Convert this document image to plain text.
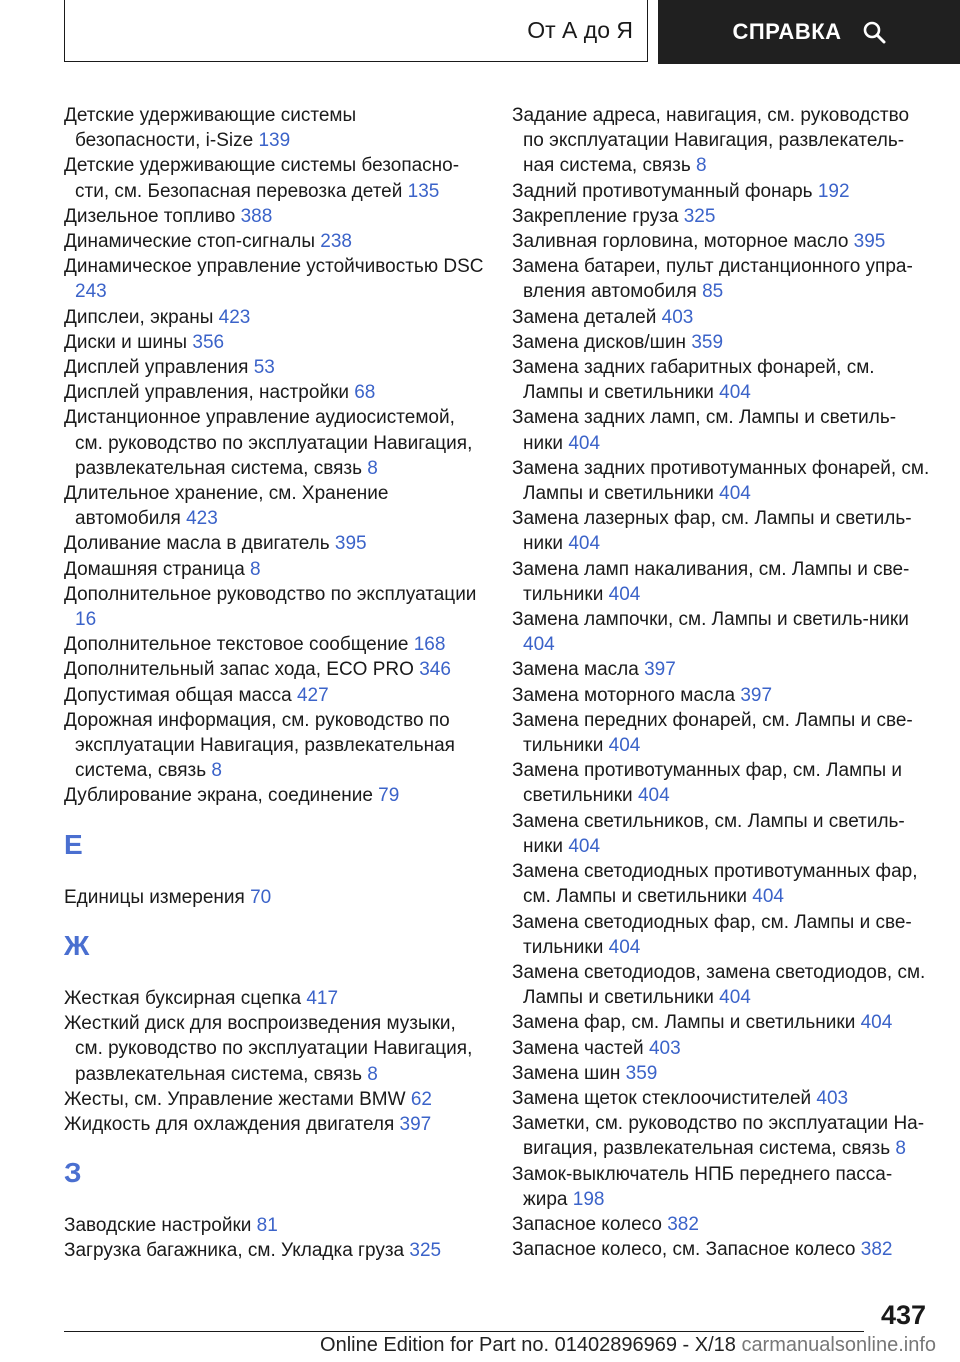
От А до Я	СПРАВКА

Детские удерживающие системы безопасности, i-Size 139

Детские удерживающие системы безопасно-сти, см. Безопасная перевозка детей 135

Дизельное топливо 388

Динамические стоп-сигналы 238

Динамическое управление устойчивостью DSC 243

Дипслеи, экраны 423

Диски и шины 356

Дисплей управления 53

Дисплей управления, настройки 68

Дистанционное управление аудиосистемой, см. руководство по эксплуатации Навигация, развлекательная система, связь 8

Длительное хранение, см. Хранение автомобиля 423

Доливание масла в двигатель 395

Домашняя страница 8

Дополнительное руководство по эксплуатации 16

Дополнительное текстовое сообщение 168

Дополнительный запас хода, ECO PRO 346

Допустимая общая масса 427

Дорожная информация, см. руководство по эксплуатации Навигация, развлекательная система, связь 8

Дублирование экрана, соединение 79

Е

Единицы измерения 70

Ж

Жесткая буксирная сцепка 417

Жесткий диск для воспроизведения музыки, см. руководство по эксплуатации Навигация, развлекательная система, связь 8

Жесты, см. Управление жестами BMW 62

Жидкость для охлаждения двигателя 397

З

Заводские настройки 81

Загрузка багажника, см. Укладка груза 325

Задание адреса, навигация, см. руководство по эксплуатации Навигация, развлекатель-ная система, связь 8

Задний противотуманный фонарь 192

Закрепление груза 325

Заливная горловина, моторное масло 395

Замена батареи, пульт дистанционного упра-вления автомобиля 85

Замена деталей 403

Замена дисков/шин 359

Замена задних габаритных фонарей, см. Лампы и светильники 404

Замена задних ламп, см. Лампы и светиль-ники 404

Замена задних противотуманных фонарей, см. Лампы и светильники 404

Замена лазерных фар, см. Лампы и светиль-ники 404

Замена ламп накаливания, см. Лампы и све-тильники 404

Замена лампочки, см. Лампы и светиль-ники 404

Замена масла 397

Замена моторного масла 397

Замена передних фонарей, см. Лампы и све-тильники 404

Замена противотуманных фар, см. Лампы и светильники 404

Замена светильников, см. Лампы и светиль-ники 404

Замена светодиодных противотуманных фар, см. Лампы и светильники 404

Замена светодиодных фар, см. Лампы и све-тильники 404

Замена светодиодов, замена светодиодов, см. Лампы и светильники 404

Замена фар, см. Лампы и светильники 404

Замена частей 403

Замена шин 359

Замена щеток стеклоочистителей 403

Заметки, см. руководство по эксплуатации На-вигация, развлекательная система, связь 8

Замок-выключатель НПБ переднего пасса-жира 198

Запасное колесо 382

Запасное колесо, см. Запасное колесо 382

437
Online Edition for Part no. 01402896969 - X/18 carmanualsonline.info
